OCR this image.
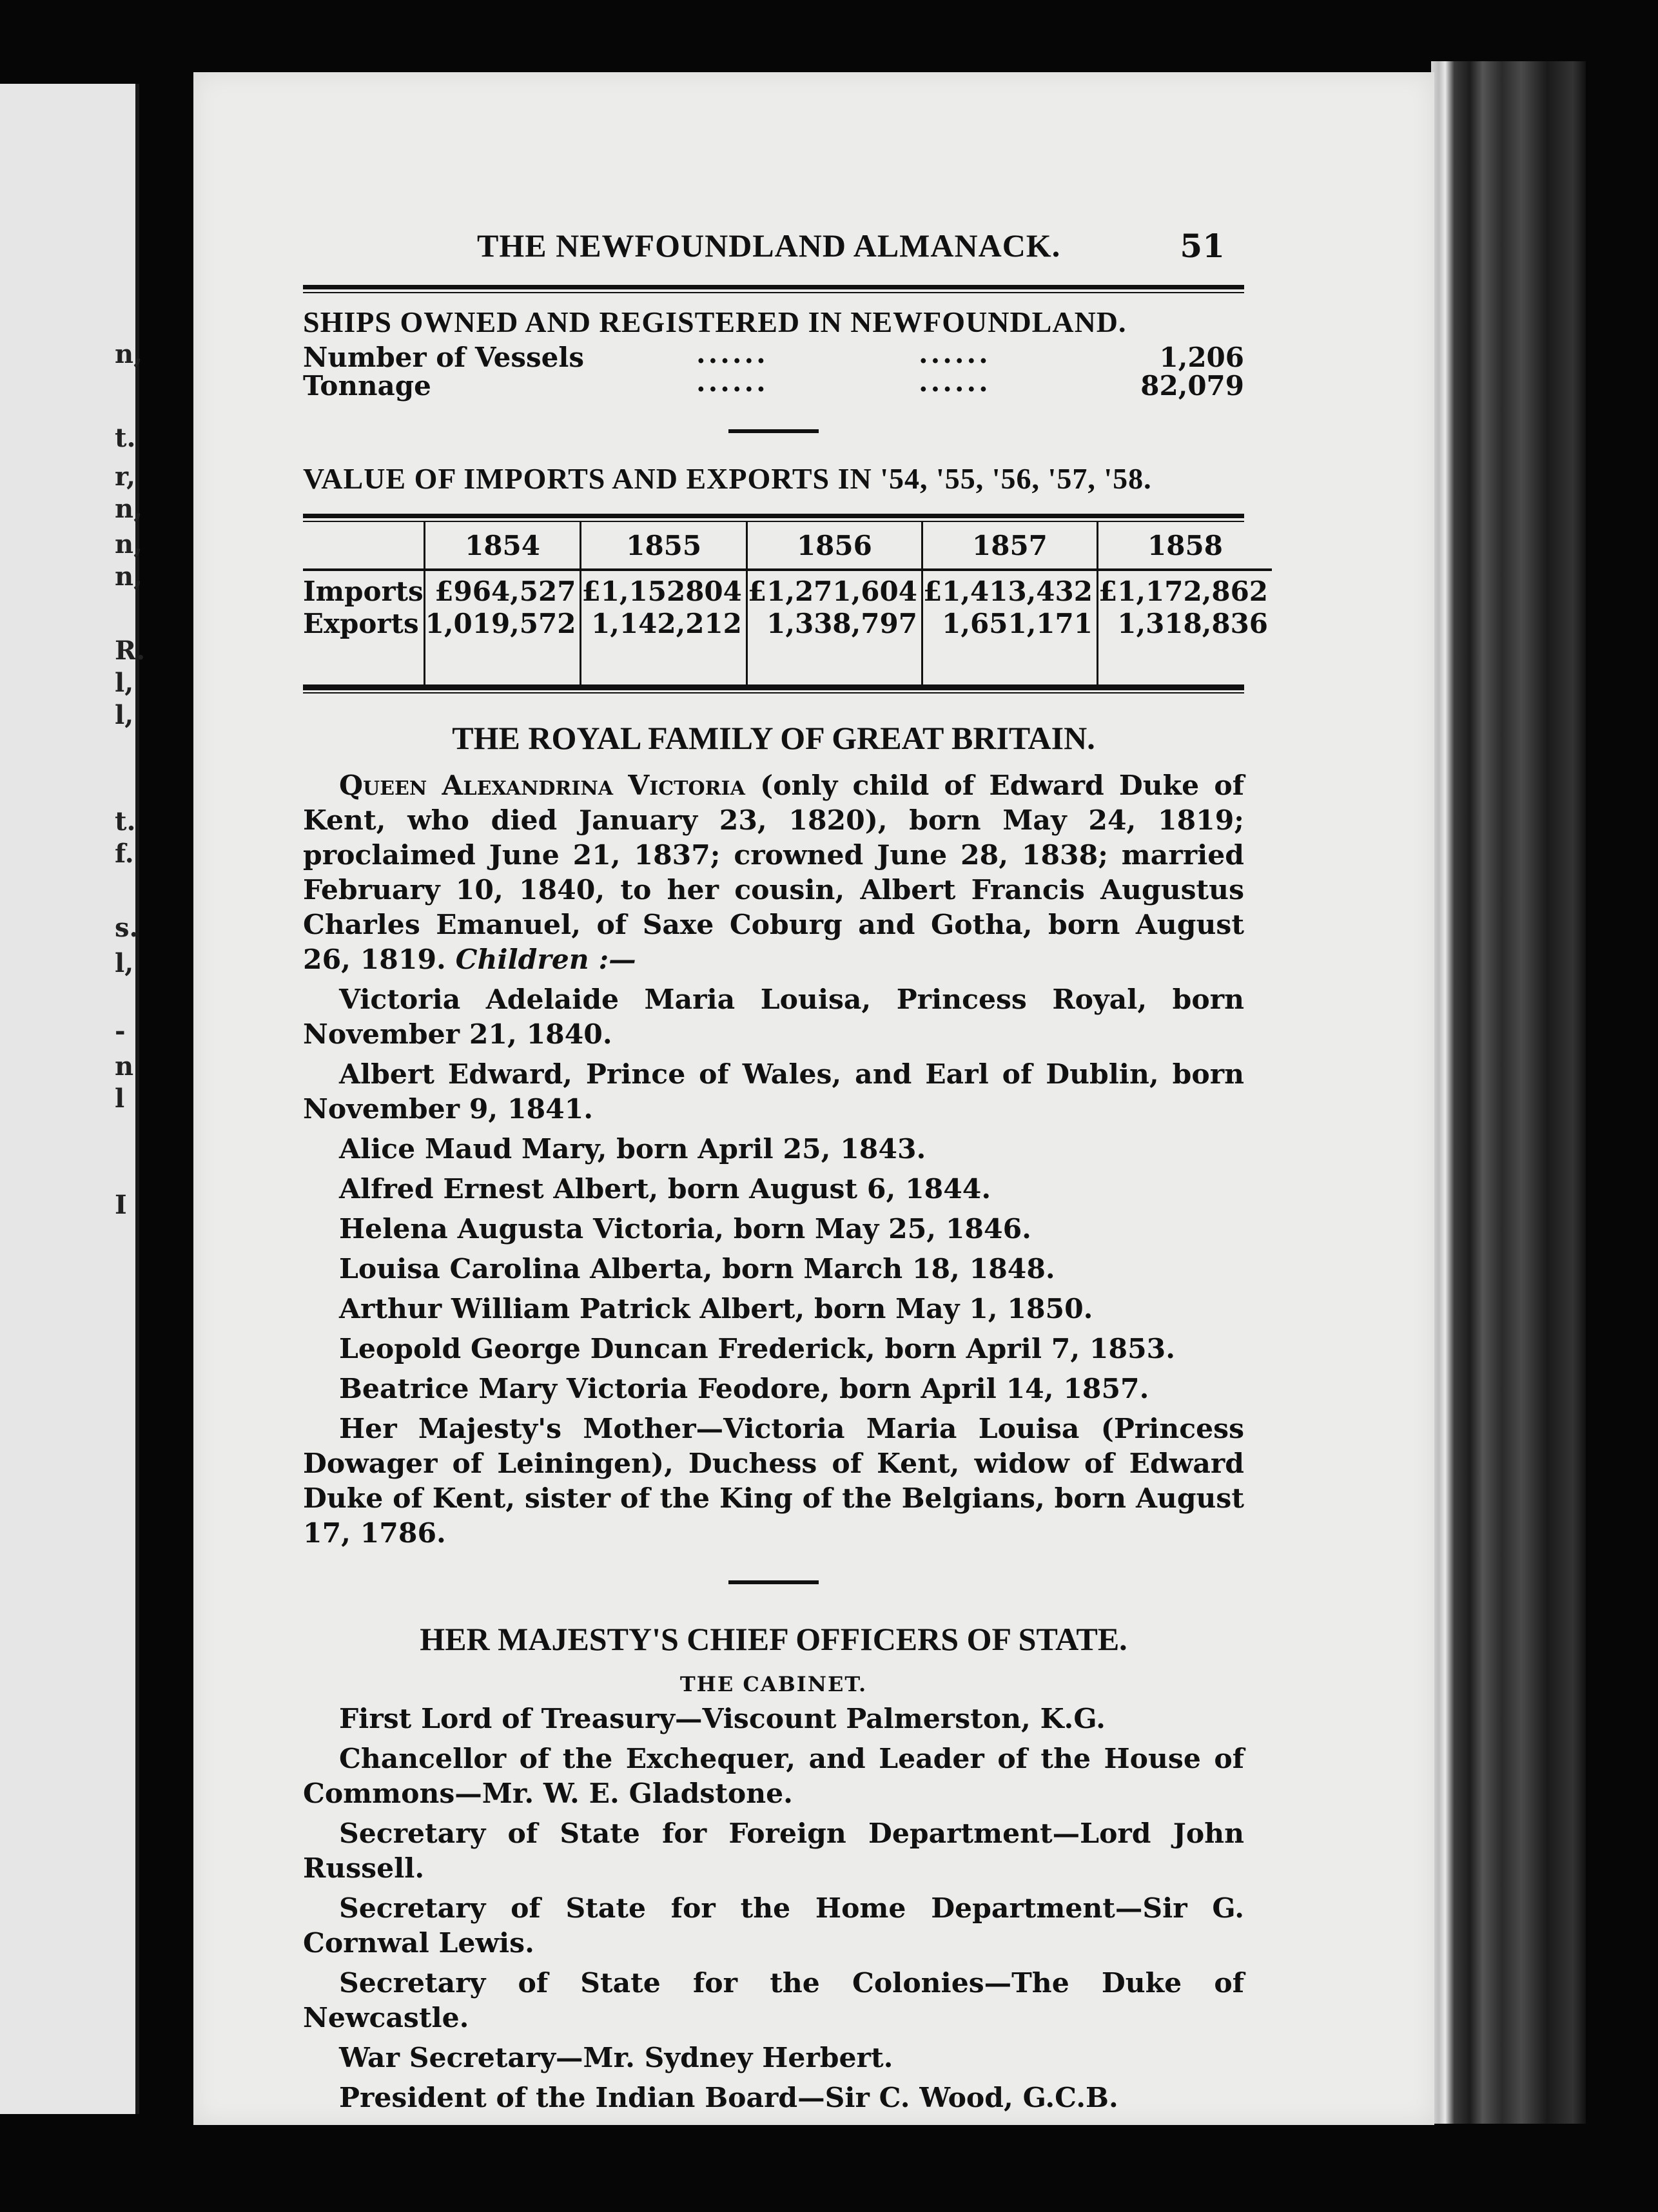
n,
t.
r,
n,
n,
n,
R.
l,
l,
t.
f.
s.
l,
-
n
l
I
THE NEWFOUNDLAND ALMANACK.	51
SHIPS OWNED AND REGISTERED IN NEWFOUNDLAND.
Number of Vessels	......	......	1,206
Tonnage	......	......	82,079
VALUE OF IMPORTS AND EXPORTS IN '54, '55, '56, '57, '58.
	1854	1855	1856	1857	1858
Imports	£964,527	£1,152804	£1,271,604	£1,413,432	£1,172,862
Exports	1,019,572	1,142,212	1,338,797	1,651,171	1,318,836

THE ROYAL FAMILY OF GREAT BRITAIN.

Queen Alexandrina Victoria (only child of Edward Duke of Kent, who died January 23, 1820), born May 24, 1819; proclaimed June 21, 1837; crowned June 28, 1838; married February 10, 1840, to her cousin, Albert Francis Augustus Charles Emanuel, of Saxe Coburg and Gotha, born August 26, 1819. Children :—

Victoria Adelaide Maria Louisa, Princess Royal, born November 21, 1840.

Albert Edward, Prince of Wales, and Earl of Dublin, born November 9, 1841.

Alice Maud Mary, born April 25, 1843.

Alfred Ernest Albert, born August 6, 1844.

Helena Augusta Victoria, born May 25, 1846.

Louisa Carolina Alberta, born March 18, 1848.

Arthur William Patrick Albert, born May 1, 1850.

Leopold George Duncan Frederick, born April 7, 1853.

Beatrice Mary Victoria Feodore, born April 14, 1857.

Her Majesty's Mother—Victoria Maria Louisa (Princess Dowager of Leiningen), Duchess of Kent, widow of Edward Duke of Kent, sister of the King of the Belgians, born August 17, 1786.

HER MAJESTY'S CHIEF OFFICERS OF STATE.
THE CABINET.

First Lord of Treasury—Viscount Palmerston, K.G.

Chancellor of the Exchequer, and Leader of the House of Commons—Mr. W. E. Gladstone.

Secretary of State for Foreign Department—Lord John Russell.

Secretary of State for the Home Department—Sir G. Cornwal Lewis.

Secretary of State for the Colonies—The Duke of Newcastle.

War Secretary—Mr. Sydney Herbert.

President of the Indian Board—Sir C. Wood, G.C.B.
